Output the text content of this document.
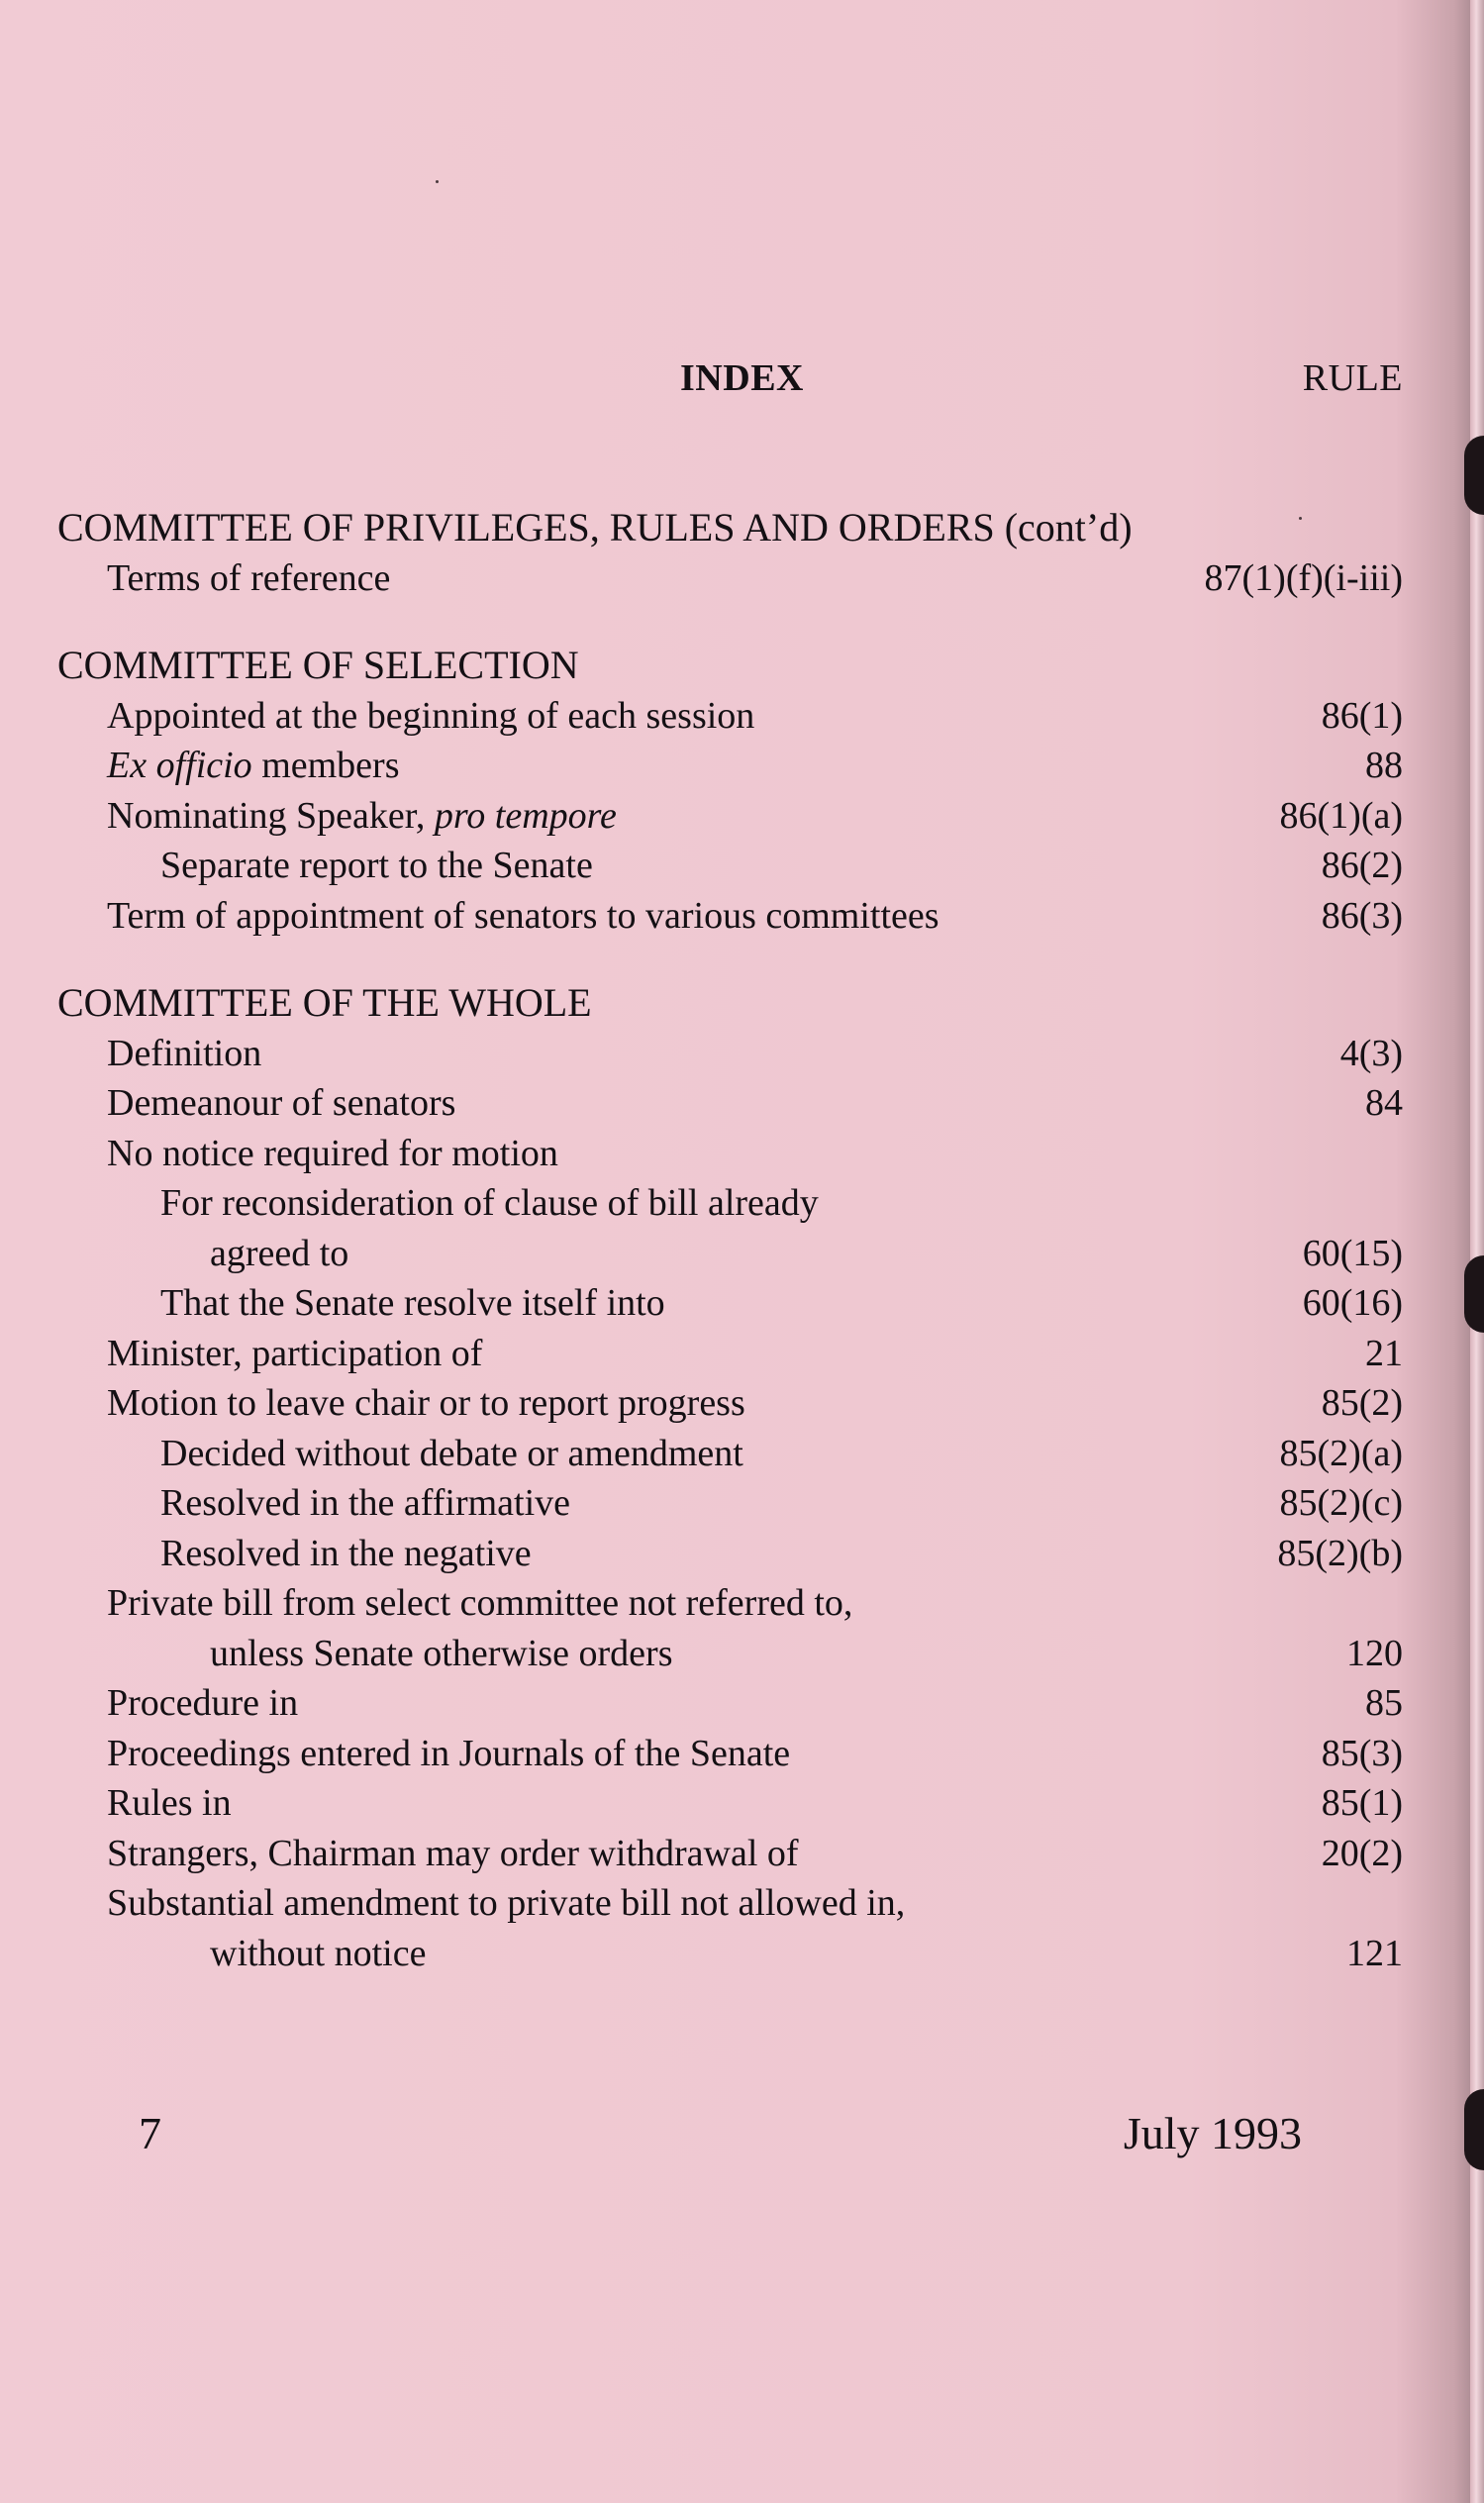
INDEX	RULE
COMMITTEE OF PRIVILEGES, RULES AND ORDERS (cont’d)
Terms of reference	87(1)(f)(i-iii)
COMMITTEE OF SELECTION
Appointed at the beginning of each session	86(1)
Ex officio members	88
Nominating Speaker, pro tempore	86(1)(a)
Separate report to the Senate	86(2)
Term of appointment of senators to various committees	86(3)
COMMITTEE OF THE WHOLE
Definition	4(3)
Demeanour of senators	84
No notice required for motion
For reconsideration of clause of bill already
agreed to	60(15)
That the Senate resolve itself into	60(16)
Minister, participation of	21
Motion to leave chair or to report progress	85(2)
Decided without debate or amendment	85(2)(a)
Resolved in the affirmative	85(2)(c)
Resolved in the negative	85(2)(b)
Private bill from select committee not referred to,
unless Senate otherwise orders	120
Procedure in	85
Proceedings entered in Journals of the Senate	85(3)
Rules in	85(1)
Strangers, Chairman may order withdrawal of	20(2)
Substantial amendment to private bill not allowed in,
without notice	121
7	July 1993
